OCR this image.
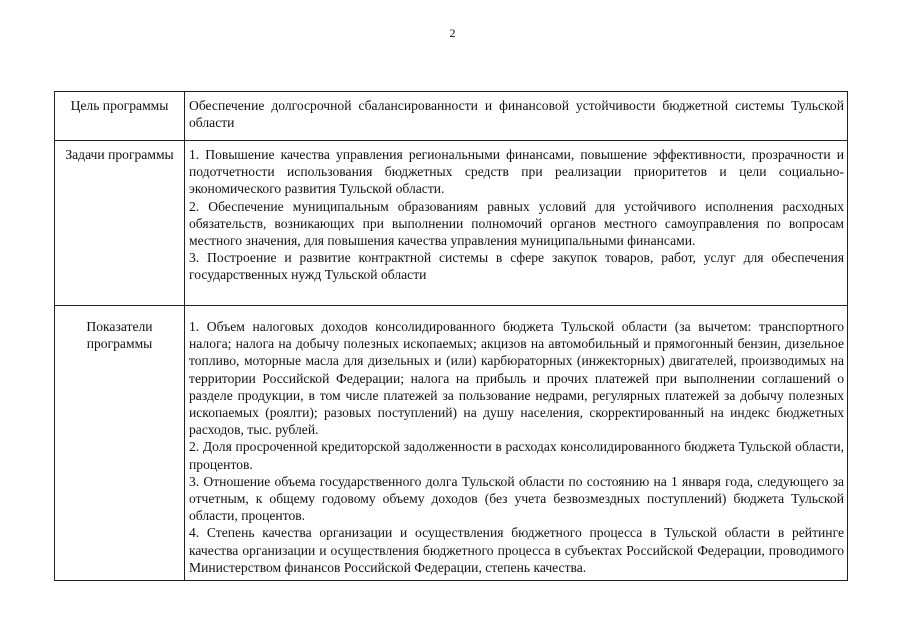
2
Цель программы	Обеспечение долгосрочной сбалансированности и финансовой устойчивости бюджетной системы Тульской области

Задачи программы	1. Повышение качества управления региональными финансами, повышение эффективности, прозрачности и подотчетности использования бюджетных средств при реализации приоритетов и цели социально-экономического развития Тульской области.

2. Обеспечение муниципальным образованиям равных условий для устойчивого исполнения расходных обязательств, возникающих при выполнении полномочий органов местного самоуправления по вопросам местного значения, для повышения качества управления муниципальными финансами.

3. Построение и развитие контрактной системы в сфере закупок товаров, работ, услуг для обеспечения государственных нужд Тульской области

Показатели программы	1. Объем налоговых доходов консолидированного бюджета Тульской области (за вычетом: транспортного налога; налога на добычу полезных ископаемых; акцизов на автомобильный и прямогонный бензин, дизельное топливо, моторные масла для дизельных и (или) карбюраторных (инжекторных) двигателей, производимых на территории Российской Федерации; налога на прибыль и прочих платежей при выполнении соглашений о разделе продукции, в том числе платежей за пользование недрами, регулярных платежей за добычу полезных ископаемых (роялти); разовых поступлений) на душу населения, скорректированный на индекс бюджетных расходов, тыс. рублей.

2. Доля просроченной кредиторской задолженности в расходах консолидированного бюджета Тульской области, процентов.

3. Отношение объема государственного долга Тульской области по состоянию на 1 января года, следующего за отчетным, к общему годовому объему доходов (без учета безвозмездных поступлений) бюджета Тульской области, процентов.

4. Степень качества организации и осуществления бюджетного процесса в Тульской области в рейтинге качества организации и осуществления бюджетного процесса в субъектах Российской Федерации, проводимого Министерством финансов Российской Федерации, степень качества.
